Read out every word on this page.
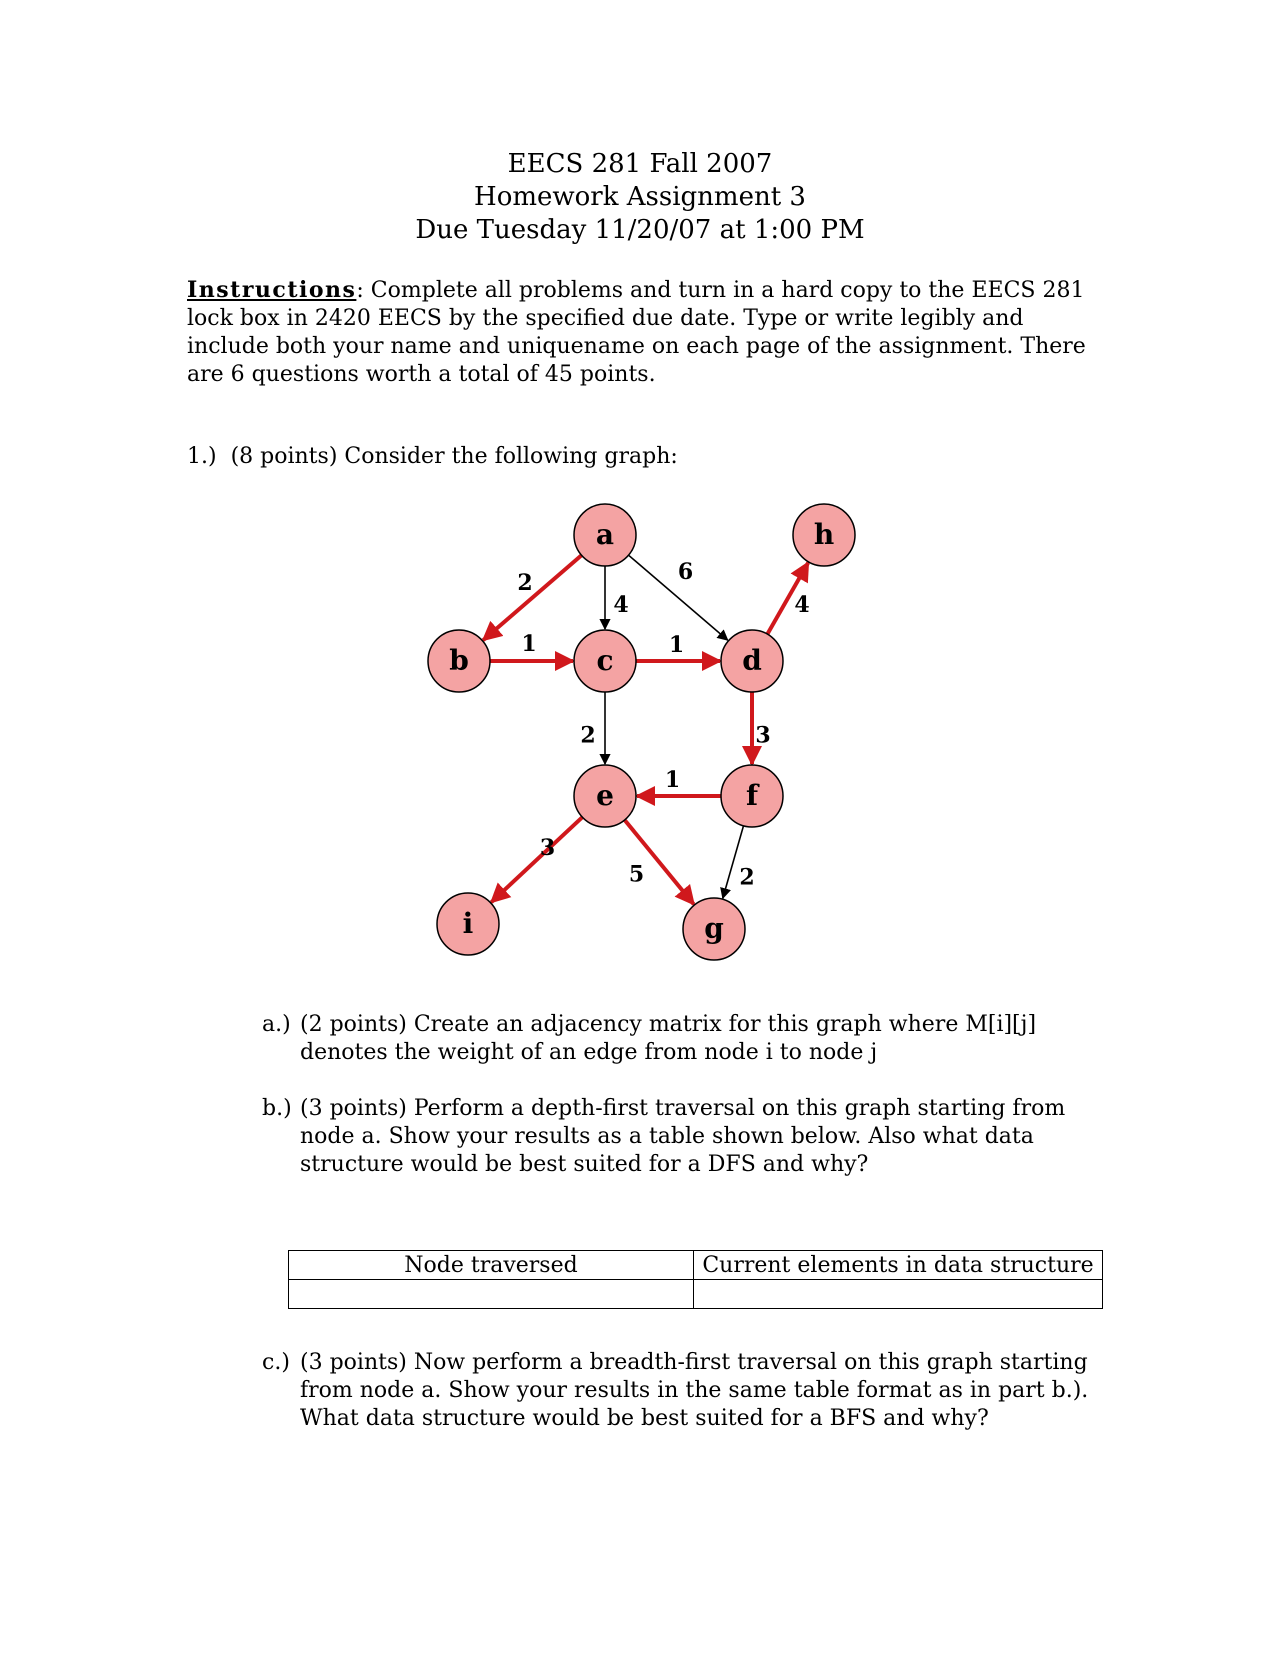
EECS 281 Fall 2007
Homework Assignment 3
Due Tuesday 11/20/07 at 1:00 PM
Instructions: Complete all problems and turn in a hard copy to the EECS 281 lock box in 2420 EECS by the specified due date. Type or write legibly and include both your name and uniquename on each page of the assignment. There are 6 questions worth a total of 45 points.
1.) (8 points) Consider the following graph:
2
4
6
1	1
2
4
3
1
2
3
5
a
b	c	d
e	f
g
h
i
a.) (2 points) Create an adjacency matrix for this graph where M[i][j] denotes the weight of an edge from node i to node j
b.) (3 points) Perform a depth-first traversal on this graph starting from node a. Show your results as a table shown below. Also what data structure would be best suited for a DFS and why?
Node traversed	Current elements in data structure

c.) (3 points) Now perform a breadth-first traversal on this graph starting from node a. Show your results in the same table format as in part b.). What data structure would be best suited for a BFS and why?
